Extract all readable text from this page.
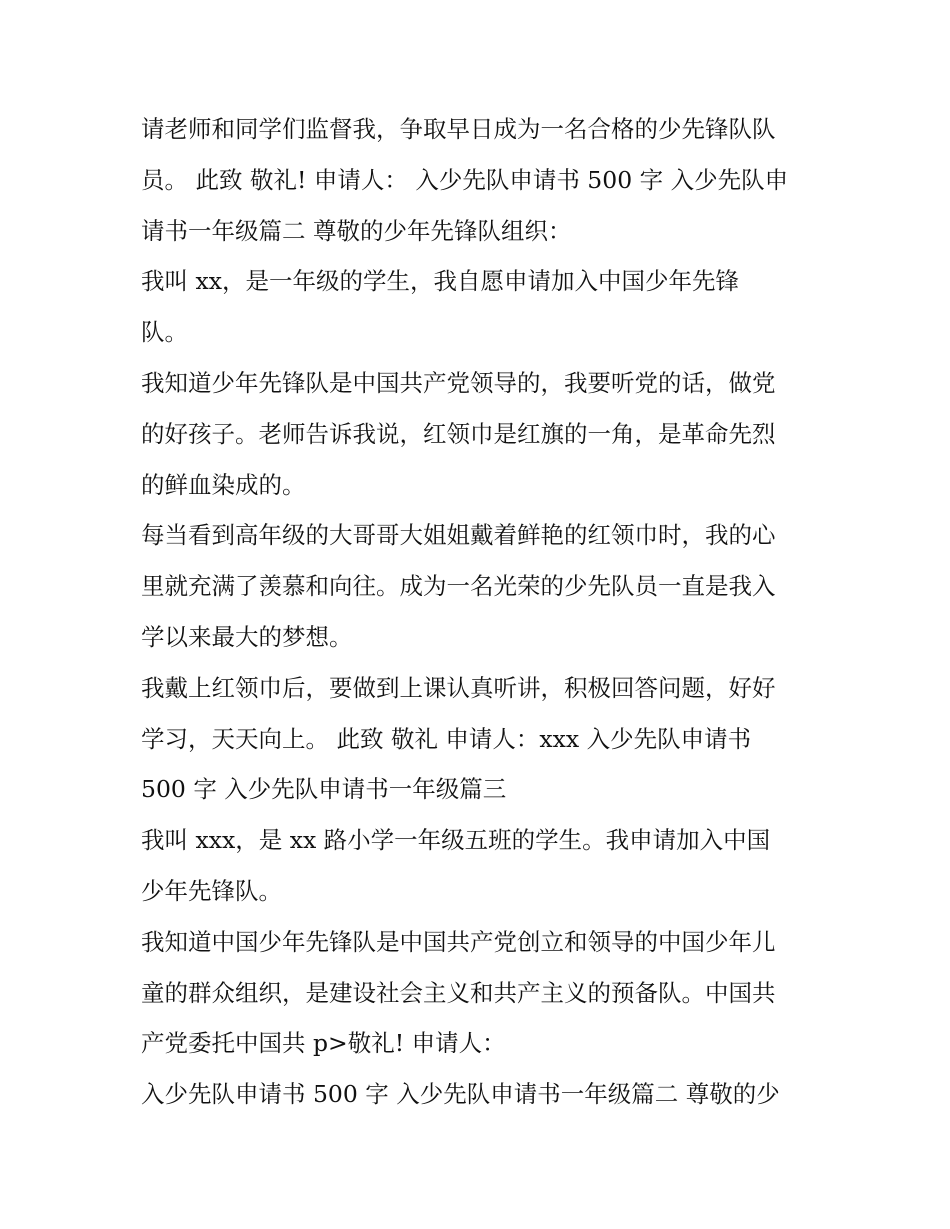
请老师和同学们监督我，争取早日成为一名合格的少先锋队队
员。 此致 敬礼! 申请人： 入少先队申请书 500 字 入少先队申
请书一年级篇二 尊敬的少年先锋队组织：
我叫 xx，是一年级的学生，我自愿申请加入中国少年先锋
队。
我知道少年先锋队是中国共产党领导的，我要听党的话，做党
的好孩子。老师告诉我说，红领巾是红旗的一角，是革命先烈
的鲜血染成的。
每当看到高年级的大哥哥大姐姐戴着鲜艳的红领巾时，我的心
里就充满了羡慕和向往。成为一名光荣的少先队员一直是我入
学以来最大的梦想。
我戴上红领巾后，要做到上课认真听讲，积极回答问题，好好
学习，天天向上。 此致 敬礼 申请人：xxx 入少先队申请书
500 字 入少先队申请书一年级篇三
我叫 xxx，是 xx 路小学一年级五班的学生。我申请加入中国
少年先锋队。
我知道中国少年先锋队是中国共产党创立和领导的中国少年儿
童的群众组织，是建设社会主义和共产主义的预备队。中国共
产党委托中国共 p>敬礼! 申请人：
入少先队申请书 500 字 入少先队申请书一年级篇二 尊敬的少
